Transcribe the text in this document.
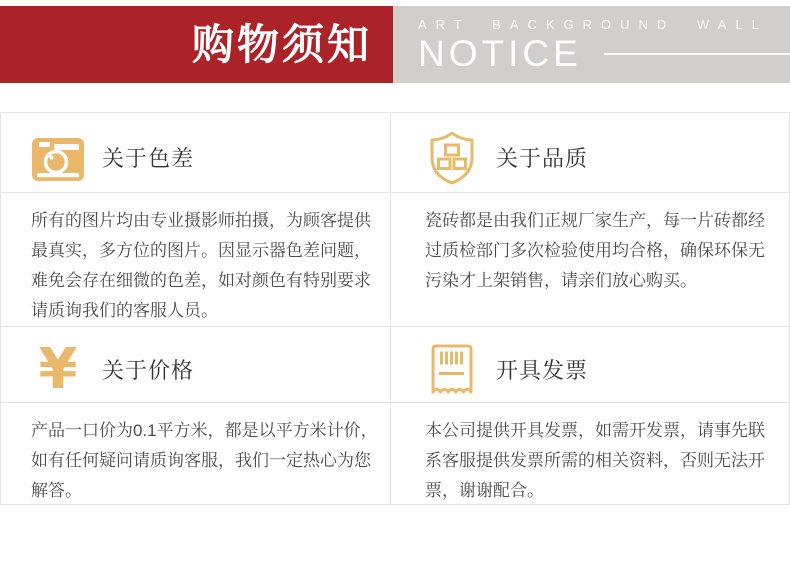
购物须知	ART BACKGROUND WALL
NOTICE
关于色差	关于品质
所有的图片均由专业摄影师拍摄，为顾客提供最真实，多方位的图片。因显示器色差问题，难免会存在细微的色差，如对颜色有特别要求请质询我们的客服人员。
瓷砖都是由我们正规厂家生产，每一片砖都经过质检部门多次检验使用均合格，确保环保无污染才上架销售，请亲们放心购买。
¥ 关于价格	开具发票
产品一口价为0.1平方米，都是以平方米计价，如有任何疑问请质询客服，我们一定热心为您解答。
本公司提供开具发票，如需开发票，请事先联系客服提供发票所需的相关资料，否则无法开票，谢谢配合。
